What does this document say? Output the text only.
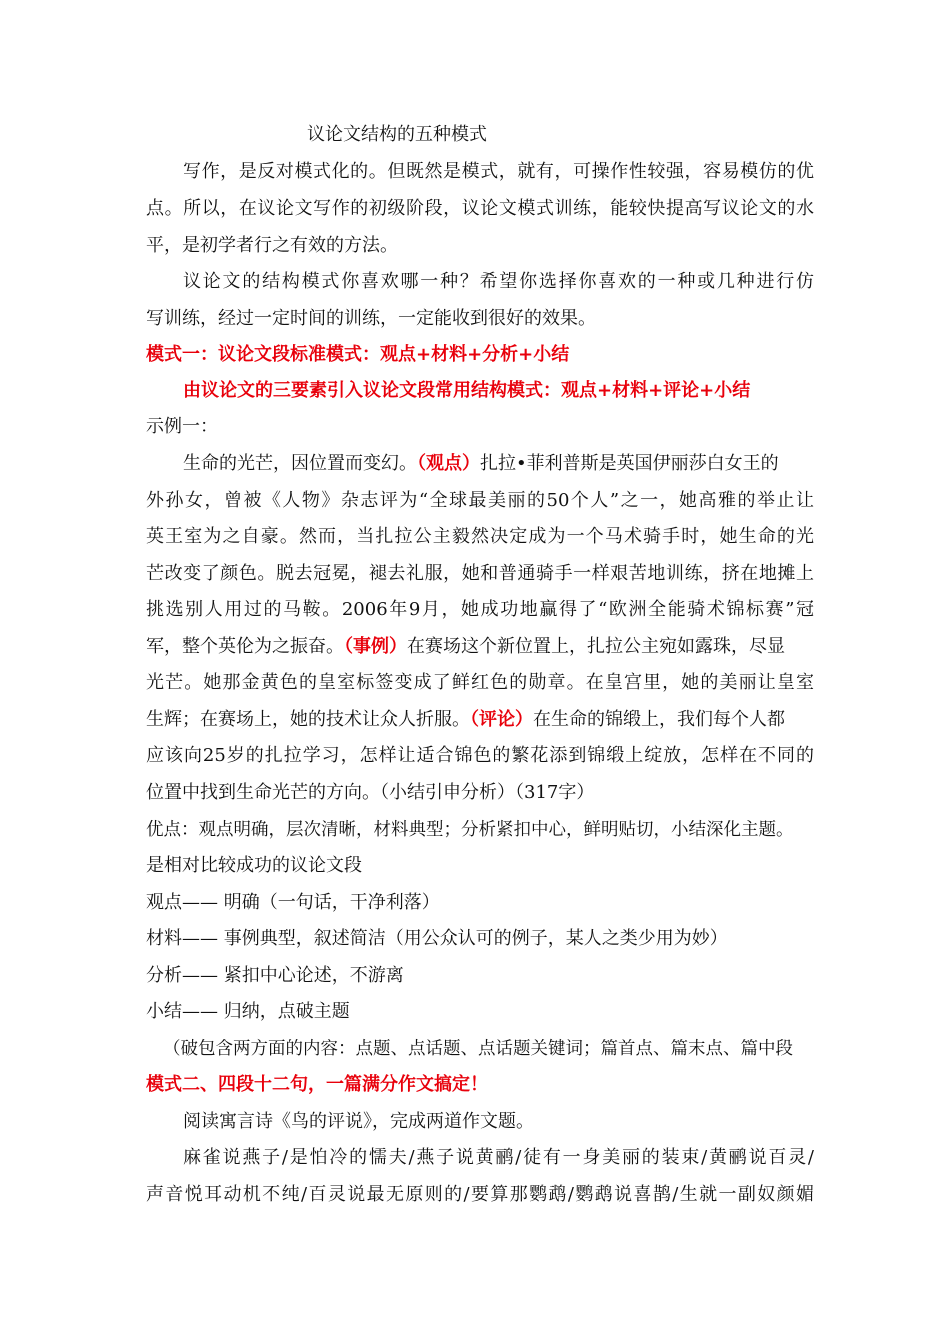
议论文结构的五种模式
写作，是反对模式化的。但既然是模式，就有，可操作性较强，容易模仿的优
点。所以，在议论文写作的初级阶段，议论文模式训练，能较快提高写议论文的水
平，是初学者行之有效的方法。
议论文的结构模式你喜欢哪一种？希望你选择你喜欢的一种或几种进行仿
写训练，经过一定时间的训练，一定能收到很好的效果。
模式一：议论文段标准模式：观点+材料+分析+小结
由议论文的三要素引入议论文段常用结构模式：观点+材料+评论+小结
示例一：
生命的光芒，因位置而变幻。（观点）扎拉•菲利普斯是英国伊丽莎白女王的
外孙女，曾被《人物》杂志评为“全球最美丽的50个人”之一，她高雅的举止让
英王室为之自豪。然而，当扎拉公主毅然决定成为一个马术骑手时，她生命的光
芒改变了颜色。脱去冠冕，褪去礼服，她和普通骑手一样艰苦地训练，挤在地摊上
挑选别人用过的马鞍。2006年9月，她成功地赢得了“欧洲全能骑术锦标赛”冠
军，整个英伦为之振奋。（事例）在赛场这个新位置上，扎拉公主宛如露珠，尽显
光芒。她那金黄色的皇室标签变成了鲜红色的勋章。在皇宫里，她的美丽让皇室
生辉；在赛场上，她的技术让众人折服。（评论）在生命的锦缎上，我们每个人都
应该向25岁的扎拉学习，怎样让适合锦色的繁花添到锦缎上绽放，怎样在不同的
位置中找到生命光芒的方向。（小结引申分析）（317字）
优点：观点明确，层次清晰，材料典型；分析紧扣中心，鲜明贴切，小结深化主题。
是相对比较成功的议论文段
观点—— 明确（一句话，干净利落）
材料—— 事例典型，叙述简洁（用公众认可的例子，某人之类少用为妙）
分析—— 紧扣中心论述，不游离
小结—— 归纳，点破主题
（破包含两方面的内容：点题、点话题、点话题关键词；篇首点、篇末点、篇中段
模式二、四段十二句，一篇满分作文搞定！
阅读寓言诗《鸟的评说》，完成两道作文题。
麻雀说燕子/是怕冷的懦夫/燕子说黄鹂/徒有一身美丽的装束/黄鹂说百灵/
声音悦耳动机不纯/百灵说最无原则的/要算那鹦鹉/鹦鹉说喜鹊/生就一副奴颜媚
